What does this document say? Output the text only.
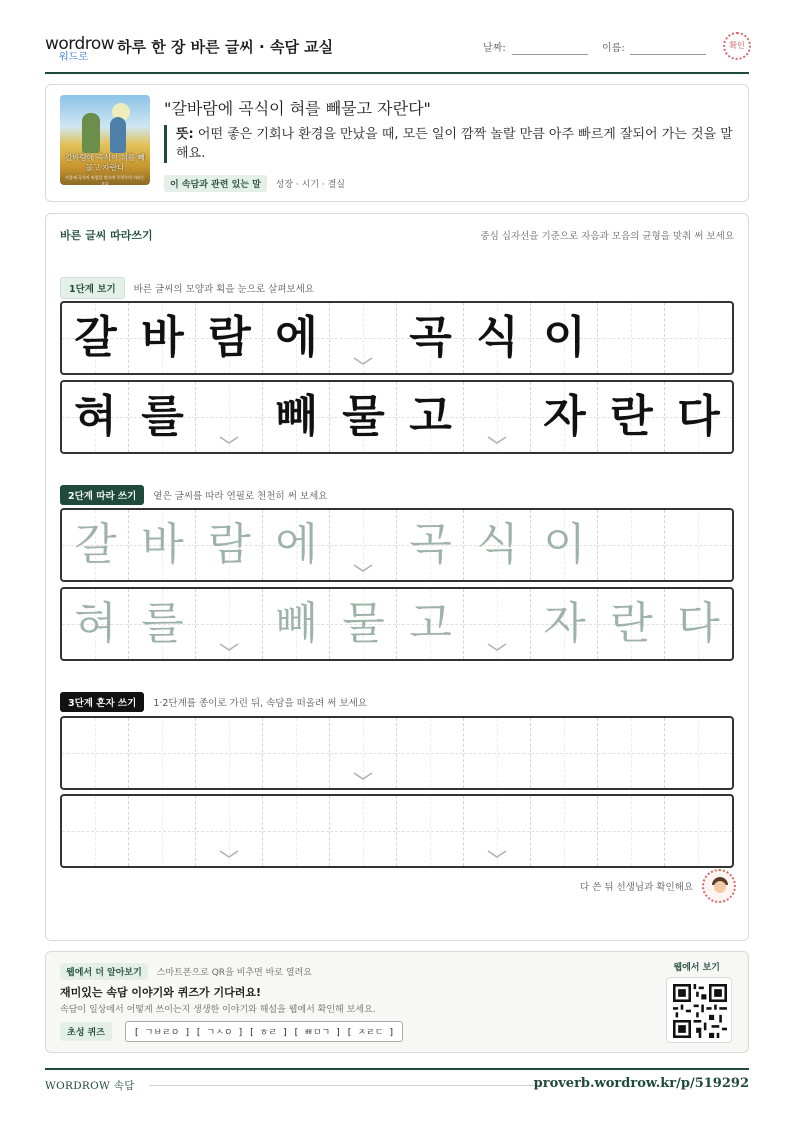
wordrow
워드로
하루 한 장 바른 글씨 · 속담 교실	날짜:	이름:	확인
갈바람에 곡식이 혀를 빼물고 자란다
가을에 곡식이 바람을 맞으며 무럭무럭 자라는 모습
"갈바람에 곡식이 혀를 빼물고 자란다"
뜻: 어떤 좋은 기회나 환경을 만났을 때, 모든 일이 깜짝 놀랄 만큼 아주 빠르게 잘되어 가는 것을 말해요.
이 속담과 관련 있는 말 성장 · 시기 · 결실
바른 글씨 따라쓰기	중심 십자선을 기준으로 자음과 모음의 균형을 맞춰 써 보세요
1단계 보기 바른 글씨의 모양과 획을 눈으로 살펴보세요
갈 바 람 에 곡 식 이
혀 를 빼 물 고 자 란 다
2단계 따라 쓰기 옅은 글씨를 따라 연필로 천천히 써 보세요
갈 바 람 에 곡 식 이
혀 를 빼 물 고 자 란 다
3단계 혼자 쓰기 1·2단계를 종이로 가린 뒤, 속담을 떠올려 써 보세요
다 쓴 뒤 선생님과 확인해요
웹에서 더 알아보기 스마트폰으로 QR을 비추면 바로 열려요
재미있는 속담 이야기와 퀴즈가 기다려요!
속담이 일상에서 어떻게 쓰이는지 생생한 이야기와 해설을 웹에서 확인해 보세요.
초성 퀴즈	[ ㄱㅂㄹㅇ ] [ ㄱㅅㅇ ] [ ㅎㄹ ] [ ㅃㅁㄱ ] [ ㅈㄹㄷ ]
웹에서 보기
WORDROW 속담	proverb.wordrow.kr/p/519292
